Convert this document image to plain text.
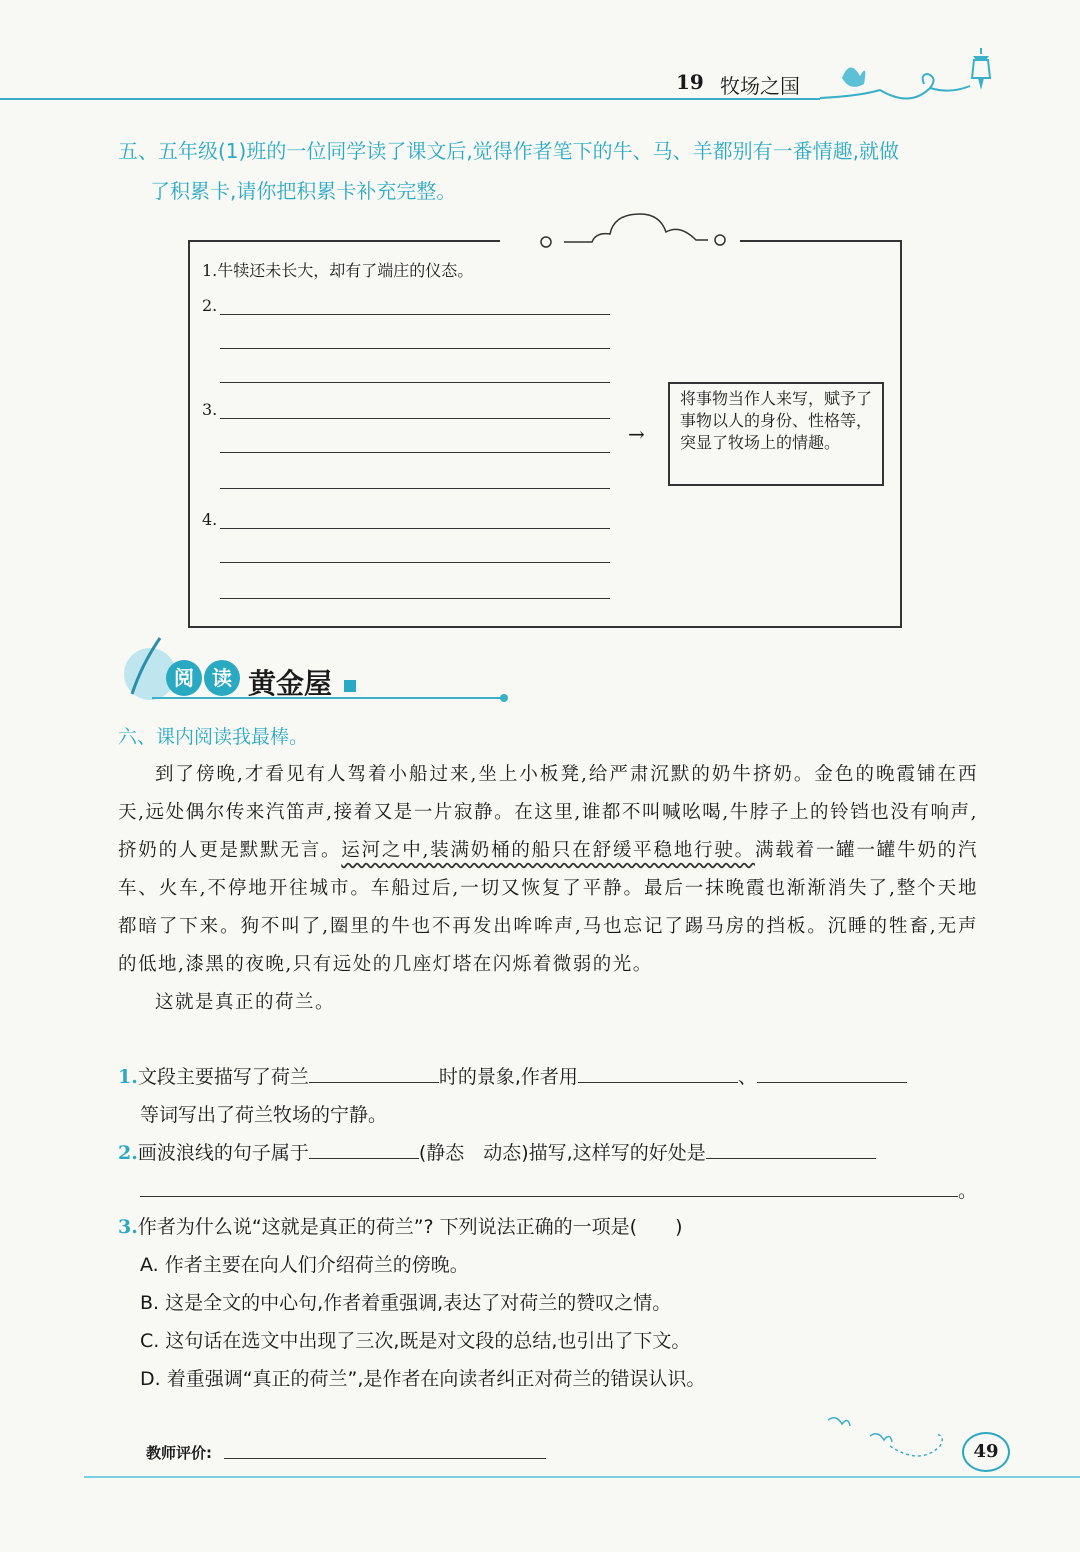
19 牧场之国
五、五年级(1)班的一位同学读了课文后,觉得作者笔下的牛、马、羊都别有一番情趣,就做
了积累卡,请你把积累卡补充完整。
1.牛犊还未长大，却有了端庄的仪态。
2.
3.
4.
→
将事物当作人来写，赋予了事物以人的身份、性格等，突显了牧场上的情趣。
阅 读 黄金屋
六、课内阅读我最棒。

到了傍晚,才看见有人驾着小船过来,坐上小板凳,给严肃沉默的奶牛挤奶。金色的晚霞铺在西天,远处偶尔传来汽笛声,接着又是一片寂静。在这里,谁都不叫喊吆喝,牛脖子上的铃铛也没有响声,挤奶的人更是默默无言。运河之中,装满奶桶的船只在舒缓平稳地行驶。满载着一罐一罐牛奶的汽车、火车,不停地开往城市。车船过后,一切又恢复了平静。最后一抹晚霞也渐渐消失了,整个天地都暗了下来。狗不叫了,圈里的牛也不再发出哞哞声,马也忘记了踢马房的挡板。沉睡的牲畜,无声的低地,漆黑的夜晚,只有远处的几座灯塔在闪烁着微弱的光。

这就是真正的荷兰。

1.文段主要描写了荷兰	时的景象,作者用	、
等词写出了荷兰牧场的宁静。
2.画波浪线的句子属于	(静态　动态)描写,这样写的好处是
。
3.作者为什么说“这就是真正的荷兰”? 下列说法正确的一项是(　　)
A. 作者主要在向人们介绍荷兰的傍晚。
B. 这是全文的中心句,作者着重强调,表达了对荷兰的赞叹之情。
C. 这句话在选文中出现了三次,既是对文段的总结,也引出了下文。
D. 着重强调“真正的荷兰”,是作者在向读者纠正对荷兰的错误认识。
教师评价:	49
